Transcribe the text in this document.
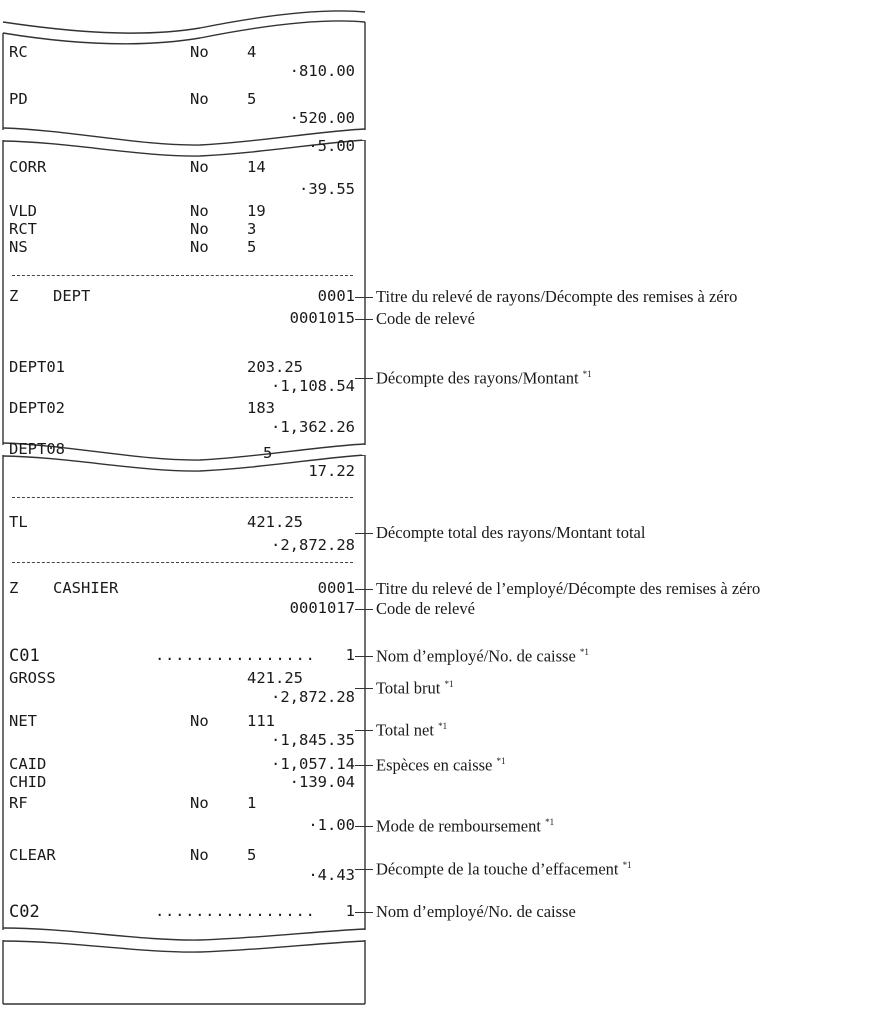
RC	No 4
·810.00
PD	No 5
·520.00
·5.00
CORR	No 14
·39.55
VLD	No 19
RCT	No 3
NS	No 5
Z DEPT	0001
0001015
DEPT01	203.25
·1,108.54
DEPT02	183
·1,362.26
DEPT08	5
17.22
TL	421.25
·2,872.28
Z CASHIER	0001
0001017
C01	................ 1
GROSS	421.25
·2,872.28
NET	No 111
·1,845.35
CAID	·1,057.14
CHID	·139.04
RF	No 1
·1.00
CLEAR	No 5
·4.43
C02	................ 1
Titre du relevé de rayons/Décompte des remises à zéro
Code de relevé
Décompte des rayons/Montant $^{*1}$
Décompte total des rayons/Montant total
Titre du relevé de l’employé/Décompte des remises à zéro
Code de relevé
Nom d’employé/No. de caisse $^{*1}$
Total brut $^{*1}$
Total net $^{*1}$
Espèces en caisse $^{*1}$
Mode de remboursement $^{*1}$
Décompte de la touche d’effacement $^{*1}$
Nom d’employé/No. de caisse
